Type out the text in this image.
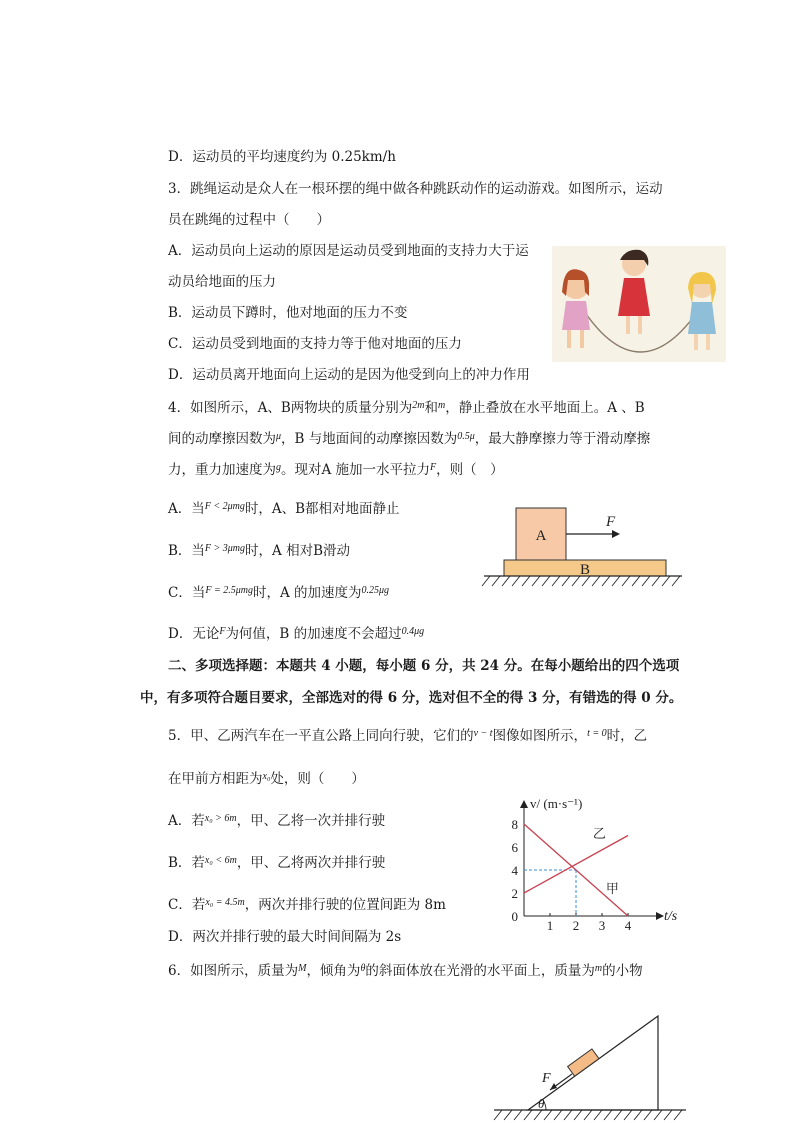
D．运动员的平均速度约为 0.25km/h
3．跳绳运动是众人在一根环摆的绳中做各种跳跃动作的运动游戏。如图所示，运动
员在跳绳的过程中（　　）
A．运动员向上运动的原因是运动员受到地面的支持力大于运
动员给地面的压力
B．运动员下蹲时，他对地面的压力不变
C．运动员受到地面的支持力等于他对地面的压力
D．运动员离开地面向上运动的是因为他受到向上的冲力作用
4．如图所示，A、B两物块的质量分别为$^{2m}$和$^m$，静止叠放在水平地面上。A 、B
间的动摩擦因数为$^\mu$，B 与地面间的动摩擦因数为$^{0.5\mu}$，最大静摩擦力等于滑动摩擦
力，重力加速度为$^g$。现对A 施加一水平拉力$^F$，则（　）
A．当$^{F < 2\mu mg}$时，A、B都相对地面静止
B．当$^{F > 3\mu mg}$时，A 相对B滑动
C．当$^{F = 2.5\mu mg}$时，A 的加速度为$^{0.25\mu g}$
D．无论$^F$为何值，B 的加速度不会超过$^{0.4\mu g}$
A
F
B
二、多项选择题：本题共 4 小题，每小题 6 分，共 24 分。在每小题给出的四个选项
中，有多项符合题目要求，全部选对的得 6 分，选对但不全的得 3 分，有错选的得 0 分。
5．甲、乙两汽车在一平直公路上同向行驶，它们的$^{v - t}$图像如图所示，$^{t = 0}$时，乙
在甲前方相距为$^{x_0}$处，则（　　）
A．若$^{x_0 > 6m}$，甲、乙将一次并排行驶
B．若$^{x_0 < 6m}$，甲、乙将两次并排行驶
C．若$^{x_0 = 4.5m}$，两次并排行驶的位置间距为 8m
D．两次并排行驶的最大时间间隔为 2s
v/ (m·s⁻¹)
t/s
1 2 3 4
0
2
4
6
8
甲
乙
6．如图所示，质量为$^M$，倾角为$^\theta$的斜面体放在光滑的水平面上，质量为$^m$的小物
F
θ
